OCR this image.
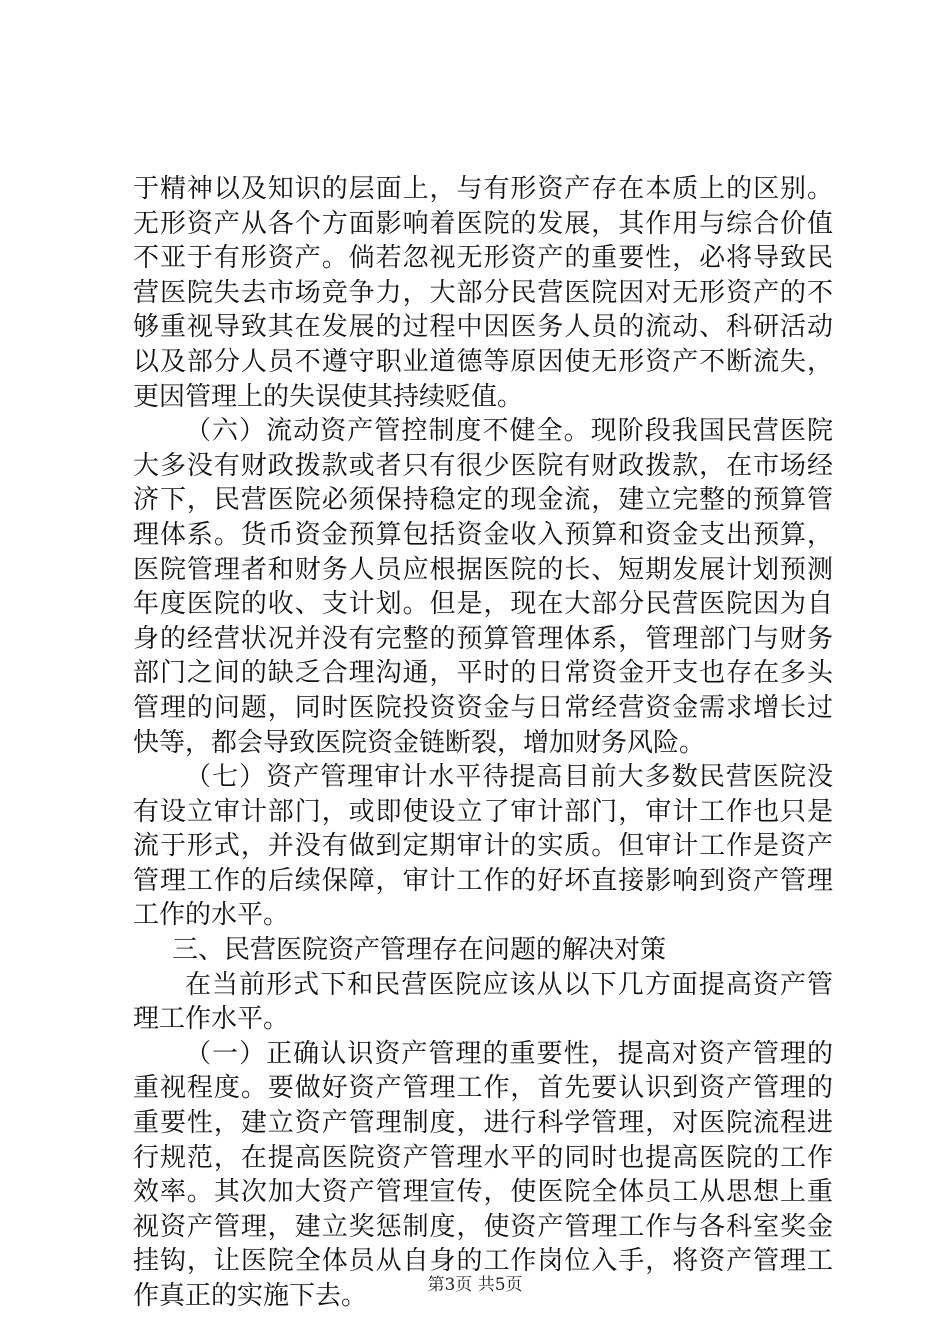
于精神以及知识的层面上，与有形资产存在本质上的区别。无形资产从各个方面影响着医院的发展，其作用与综合价值不亚于有形资产。倘若忽视无形资产的重要性，必将导致民营医院失去市场竞争力，大部分民营医院因对无形资产的不够重视导致其在发展的过程中因医务人员的流动、科研活动以及部分人员不遵守职业道德等原因使无形资产不断流失，更因管理上的失误使其持续贬值。

（六）流动资产管控制度不健全。现阶段我国民营医院大多没有财政拨款或者只有很少医院有财政拨款，在市场经济下，民营医院必须保持稳定的现金流，建立完整的预算管理体系。货币资金预算包括资金收入预算和资金支出预算，医院管理者和财务人员应根据医院的长、短期发展计划预测年度医院的收、支计划。但是，现在大部分民营医院因为自身的经营状况并没有完整的预算管理体系，管理部门与财务部门之间的缺乏合理沟通，平时的日常资金开支也存在多头管理的问题，同时医院投资资金与日常经营资金需求增长过快等，都会导致医院资金链断裂，增加财务风险。

（七）资产管理审计水平待提高目前大多数民营医院没有设立审计部门，或即使设立了审计部门，审计工作也只是流于形式，并没有做到定期审计的实质。但审计工作是资产管理工作的后续保障，审计工作的好坏直接影响到资产管理工作的水平。

三、民营医院资产管理存在问题的解决对策

在当前形式下和民营医院应该从以下几方面提高资产管理工作水平。

（一）正确认识资产管理的重要性，提高对资产管理的重视程度。要做好资产管理工作，首先要认识到资产管理的重要性，建立资产管理制度，进行科学管理，对医院流程进行规范，在提高医院资产管理水平的同时也提高医院的工作效率。其次加大资产管理宣传，使医院全体员工从思想上重视资产管理，建立奖惩制度，使资产管理工作与各科室奖金挂钩，让医院全体员从自身的工作岗位入手，将资产管理工作真正的实施下去。	第3页 共5页
